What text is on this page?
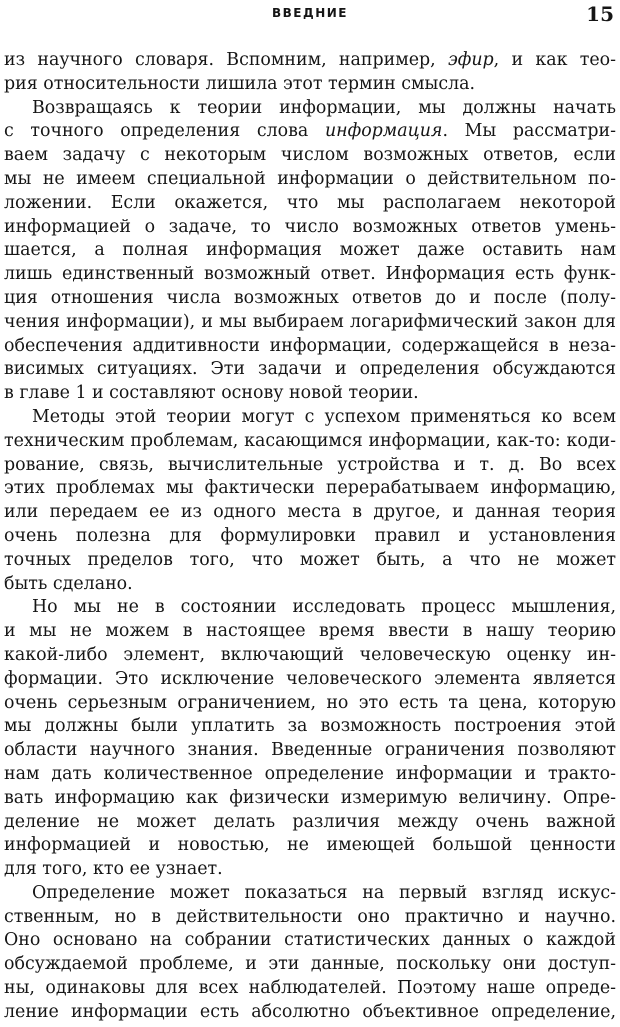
ВВЕДНИЕ	15
из научного словаря. Вспомним, например, эфир, и как тео-
рия относительности лишила этот термин смысла.
Возвращаясь к теории информации, мы должны начать
с точного определения слова информация. Мы рассматри-
ваем задачу с некоторым числом возможных ответов, если
мы не имеем специальной информации о действительном по-
ложении. Если окажется, что мы располагаем некоторой
информацией о задаче, то число возможных ответов умень-
шается, а полная информация может даже оставить нам
лишь единственный возможный ответ. Информация есть функ-
ция отношения числа возможных ответов до и после (полу-
чения информации), и мы выбираем логарифмический закон для
обеспечения аддитивности информации, содержащейся в неза-
висимых ситуациях. Эти задачи и определения обсуждаются
в главе 1 и составляют основу новой теории.
Методы этой теории могут с успехом применяться ко всем
техническим проблемам, касающимся информации, как-то: коди-
рование, связь, вычислительные устройства и т. д. Во всех
этих проблемах мы фактически перерабатываем информацию,
или передаем ее из одного места в другое, и данная теория
очень полезна для формулировки правил и установления
точных пределов того, что может быть, а что не может
быть сделано.
Но мы не в состоянии исследовать процесс мышления,
и мы не можем в настоящее время ввести в нашу теорию
какой-либо элемент, включающий человеческую оценку ин-
формации. Это исключение человеческого элемента является
очень серьезным ограничением, но это есть та цена, которую
мы должны были уплатить за возможность построения этой
области научного знания. Введенные ограничения позволяют
нам дать количественное определение информации и тракто-
вать информацию как физически измеримую величину. Опре-
деление не может делать различия между очень важной
информацией и новостью, не имеющей большой ценности
для того, кто ее узнает.
Определение может показаться на первый взгляд искус-
ственным, но в действительности оно практично и научно.
Оно основано на собрании статистических данных о каждой
обсуждаемой проблеме, и эти данные, поскольку они доступ-
ны, одинаковы для всех наблюдателей. Поэтому наше опреде-
ление информации есть абсолютно объективное определение,
